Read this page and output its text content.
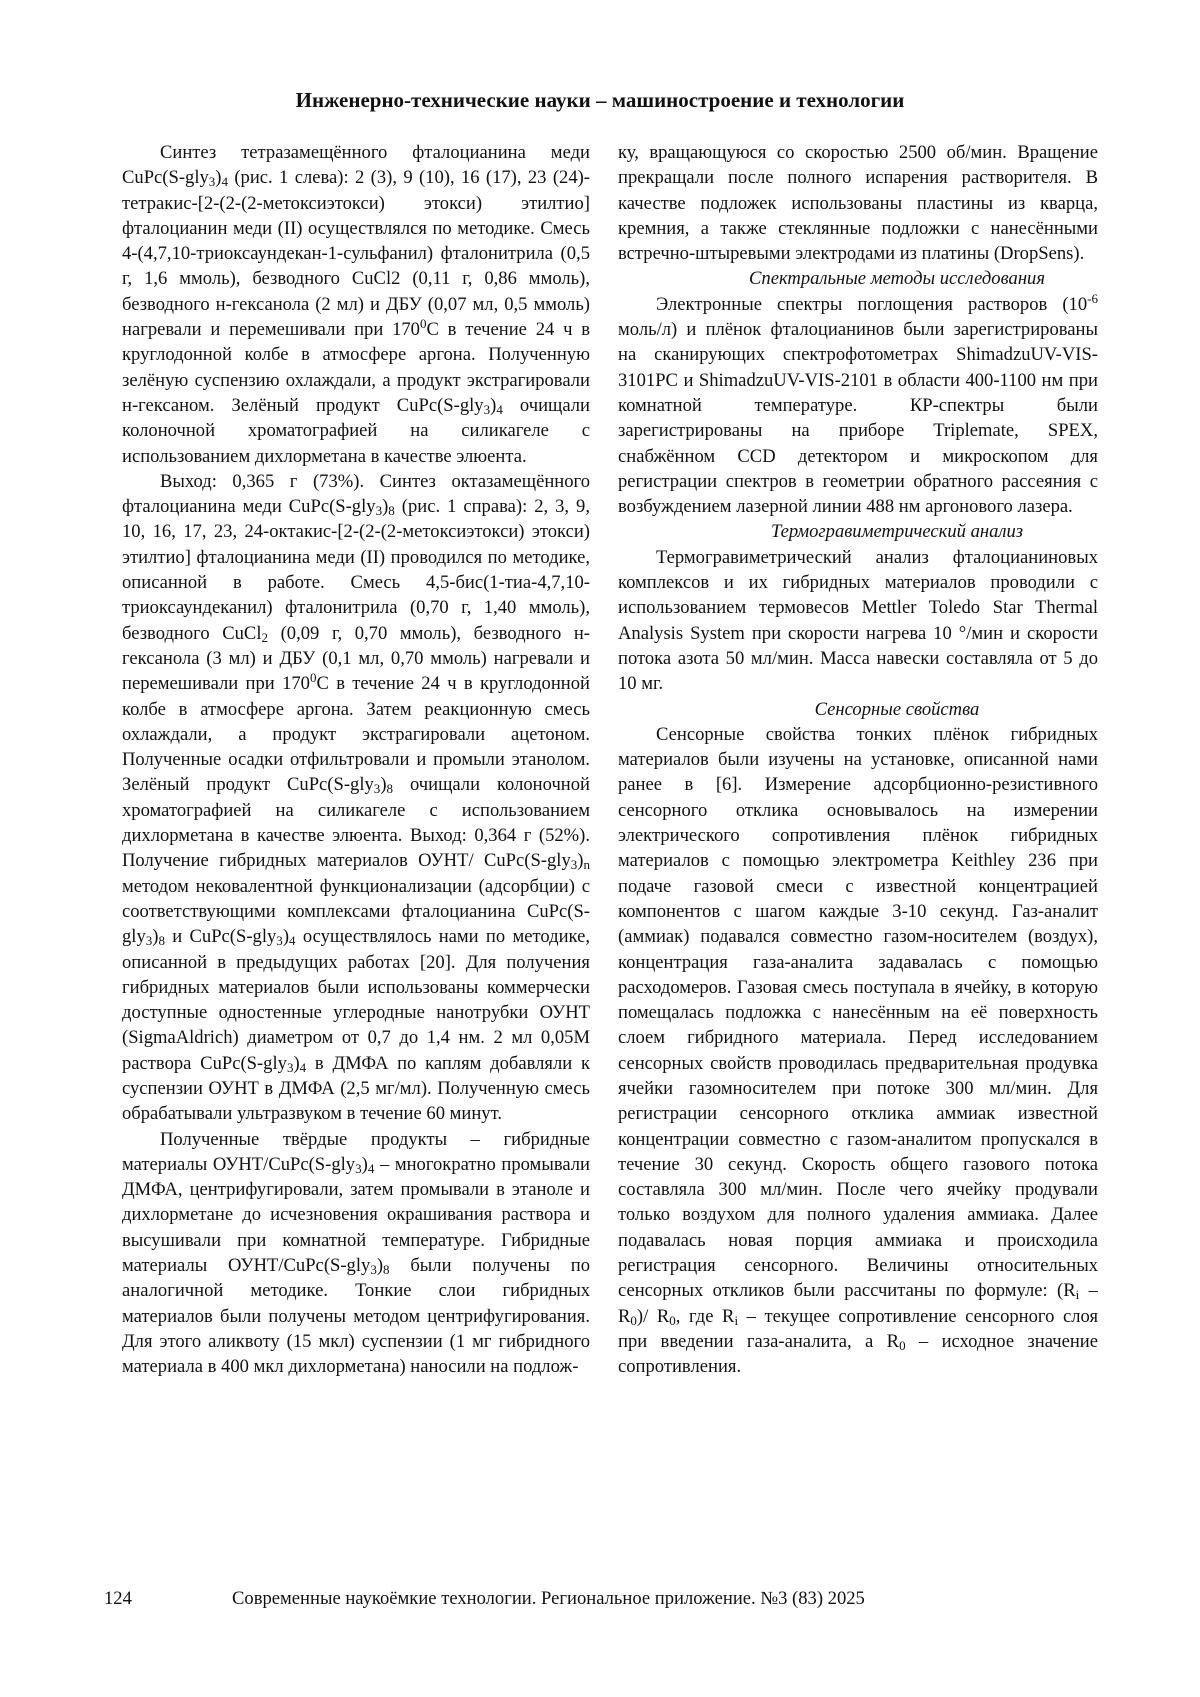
Инженерно-технические науки – машиностроение и технологии

Синтез тетразамещённого фталоцианина меди $CuPc(S-gly_3)_4$ (рис. 1 слева): 2 (3), 9 (10), 16 (17), 23 (24)-тетракис-[2-(2-(2-метоксиэтокси) этокси) этилтио] фталоцианин меди (II) осуществлялся по методике. Смесь 4-(4,7,10-триоксаундекан-1-сульфанил) фталонитрила (0,5 г, 1,6 ммоль), безводного CuCl2 (0,11 г, 0,86 ммоль), безводного н-гексанола (2 мл) и ДБУ (0,07 мл, 0,5 ммоль) нагревали и перемешивали при $170^0С$ в течение 24 ч в круглодонной колбе в атмосфере аргона. Полученную зелёную суспензию охлаждали, а продукт экстрагировали н-гексаном. Зелёный продукт $CuPc(S-gly_3)_4$ очищали колоночной хроматографией на силикагеле с использованием дихлорметана в качестве элюента.

Выход: 0,365 г (73%). Синтез октазамещённого фталоцианина меди $CuPc(S-gly_3)_8$ (рис. 1 справа): 2, 3, 9, 10, 16, 17, 23, 24-октакис-[2-(2-(2-метоксиэтокси) этокси) этилтио] фталоцианина меди (II) проводился по методике, описанной в работе. Смесь 4,5-бис(1-тиа-4,7,10-триоксаундеканил) фталонитрила (0,70 г, 1,40 ммоль), безводного CuCl$_2$ (0,09 г, 0,70 ммоль), безводного н-гексанола (3 мл) и ДБУ (0,1 мл, 0,70 ммоль) нагревали и перемешивали при $170^0С$ в течение 24 ч в круглодонной колбе в атмосфере аргона. Затем реакционную смесь охлаждали, а продукт экстрагировали ацетоном. Полученные осадки отфильтровали и промыли этанолом. Зелёный продукт $CuPc(S-gly_3)_8$ очищали колоночной хроматографией на силикагеле с использованием дихлорметана в качестве элюента. Выход: 0,364 г (52%). Получение гибридных материалов ОУНТ/ $CuPc(S-gly_3)_n$ методом нековалентной функционализации (адсорбции) с соответствующими комплексами фталоцианина $CuPc(S-gly_3)_8$ и $CuPc(S-gly_3)_4$ осуществлялось нами по методике, описанной в предыдущих работах [20]. Для получения гибридных материалов были использованы коммерчески доступные одностенные углеродные нанотрубки ОУНТ (SigmaAldrich) диаметром от 0,7 до 1,4 нм. 2 мл 0,05М раствора $CuPc(S-gly_3)_4$ в ДМФА по каплям добавляли к суспензии ОУНТ в ДМФА (2,5 мг/мл). Полученную смесь обрабатывали ультразвуком в течение 60 минут.

Полученные твёрдые продукты – гибридные материалы ОУНТ/$CuPc(S-gly_3)_4$ – многократно промывали ДМФА, центрифугировали, затем промывали в этаноле и дихлорметане до исчезновения окрашивания раствора и высушивали при комнатной температуре. Гибридные материалы ОУНТ/$CuPc(S-gly_3)_8$ были получены по аналогичной методике. Тонкие слои гибридных материалов были получены методом центрифугирования. Для этого аликвоту (15 мкл) суспензии (1 мг гибридного материала в 400 мкл дихлорметана) наносили на подлож-

ку, вращающуюся со скоростью 2500 об/мин. Вращение прекращали после полного испарения растворителя. В качестве подложек использованы пластины из кварца, кремния, а также стеклянные подложки с нанесёнными встречно-штыревыми электродами из платины (DropSens).

Спектральные методы исследования

Электронные спектры поглощения растворов ($10^{-6}$ моль/л) и плёнок фталоцианинов были зарегистрированы на сканирующих спектрофотометрах ShimadzuUV-VIS-3101PC и ShimadzuUV-VIS-2101 в области 400-1100 нм при комнатной температуре. КР-спектры были зарегистрированы на приборе Triplemate, SPEX, снабжённом CCD детектором и микроскопом для регистрации спектров в геометрии обратного рассеяния с возбуждением лазерной линии 488 нм аргонового лазера.

Термогравиметрический анализ

Термогравиметрический анализ фталоцианиновых комплексов и их гибридных материалов проводили с использованием термовесов Mettler Toledo Star Thermal Analysis System при скорости нагрева 10 °/мин и скорости потока азота 50 мл/мин. Масса навески составляла от 5 до 10 мг.

Сенсорные свойства

Сенсорные свойства тонких плёнок гибридных материалов были изучены на установке, описанной нами ранее в [6]. Измерение адсорбционно-резистивного сенсорного отклика основывалось на измерении электрического сопротивления плёнок гибридных материалов с помощью электрометра Keithley 236 при подаче газовой смеси с известной концентрацией компонентов с шагом каждые 3-10 секунд. Газ-аналит (аммиак) подавался совместно газом-носителем (воздух), концентрация газа-аналита задавалась с помощью расходомеров. Газовая смесь поступала в ячейку, в которую помещалась подложка с нанесённым на её поверхность слоем гибридного материала. Перед исследованием сенсорных свойств проводилась предварительная продувка ячейки газомносителем при потоке 300 мл/мин. Для регистрации сенсорного отклика аммиак известной концентрации совместно с газом-аналитом пропускался в течение 30 секунд. Скорость общего газового потока составляла 300 мл/мин. После чего ячейку продували только воздухом для полного удаления аммиака. Далее подавалась новая порция аммиака и происходила регистрация сенсорного. Величины относительных сенсорных откликов были рассчитаны по формуле: $(R_i - R_0)/$ $R_0$, где $R_i$ – текущее сопротивление сенсорного слоя при введении газа-аналита, а $R_0$ – исходное значение сопротивления.

124	Современные наукоёмкие технологии. Региональное приложение. №3 (83) 2025
